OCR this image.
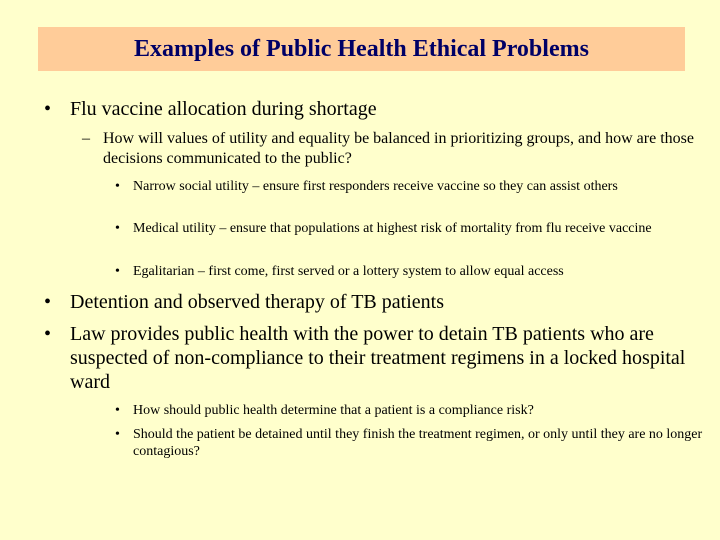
Examples of Public Health Ethical Problems
• Flu vaccine allocation during shortage
– How will values of utility and equality be balanced in prioritizing groups, and how are those decisions communicated to the public?
• Narrow social utility – ensure first responders receive vaccine so they can assist others
• Medical utility – ensure that populations at highest risk of mortality from flu receive vaccine
• Egalitarian – first come, first served or a lottery system to allow equal access
• Detention and observed therapy of TB patients
• Law provides public health with the power to detain TB patients who are suspected of non-compliance to their treatment regimens in a locked hospital ward
• How should public health determine that a patient is a compliance risk?
• Should the patient be detained until they finish the treatment regimen, or only until they are no longer contagious?
